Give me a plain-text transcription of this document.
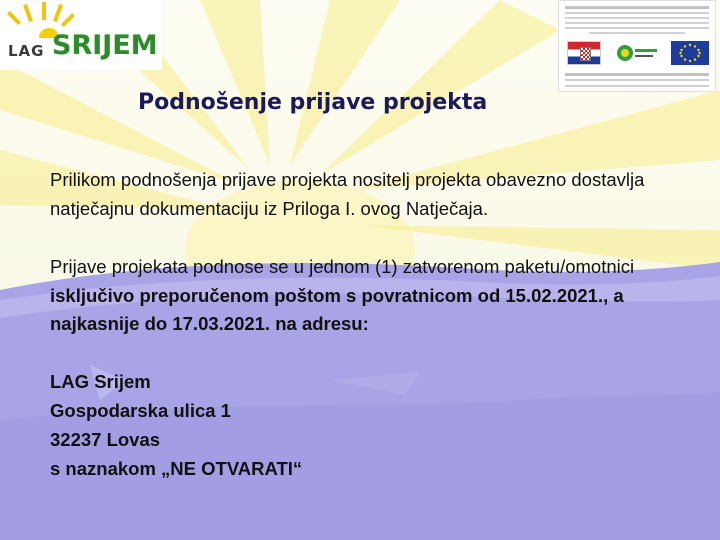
LAG SRIJEM
Podnošenje prijave projekta

Prilikom podnošenja prijave projekta nositelj projekta obavezno dostavlja natječajnu dokumentaciju iz Priloga I. ovog Natječaja.

Prijave projekata podnose se u jednom (1) zatvorenom paketu/omotnici isključivo preporučenom poštom s povratnicom od 15.02.2021., a najkasnije do 17.03.2021. na adresu:

LAG Srijem
Gospodarska ulica 1
32237 Lovas
s naznakom „NE OTVARATI“
